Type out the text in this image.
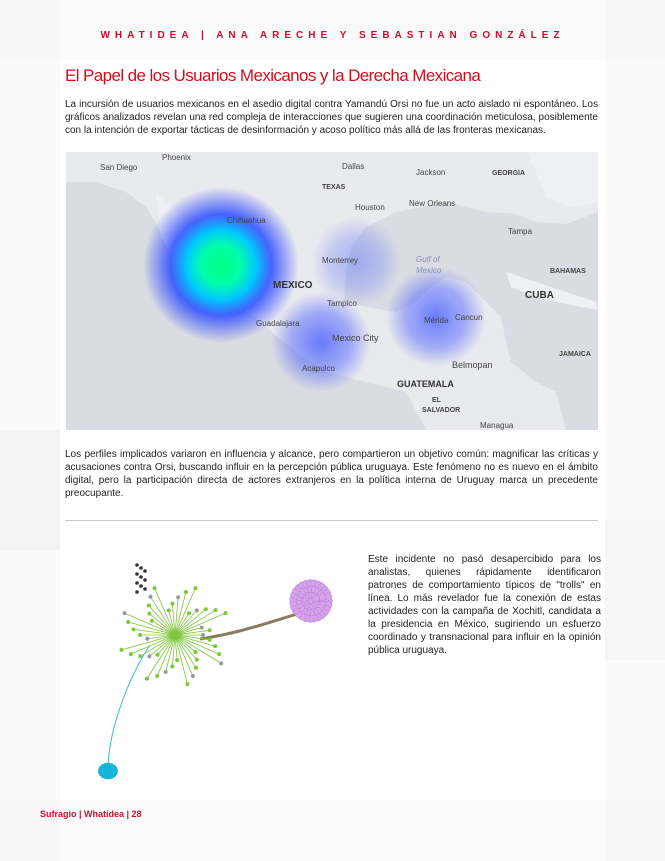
WHATIDEA | ANA ARECHE Y SEBASTIAN GONZÁLEZ
El Papel de los Usuarios Mexicanos y la Derecha Mexicana

La incursión de usuarios mexicanos en el asedio digital contra Yamandú Orsi no fue un acto aislado ni espontáneo. Los gráficos analizados revelan una red compleja de interacciones que sugieren una coordinación meticulosa, posiblemente con la intención de exportar tácticas de desinformación y acoso político más allá de las fronteras mexicanas.

Phoenix
San Diego	Dallas
Jackson	GEORGIA
TEXAS
Houston	New Orleans
Tampa
Chihuahua
Monterrey
MEXICO
Gulf of
Mexico	BAHAMAS
CUBA
Tampico
Guadalajara	Mérida Cancun
Mexico City
JAMAICA
Belmopan
Acapulco
GUATEMALA
EL
SALVADOR
Managua

Los perfiles implicados variaron en influencia y alcance, pero compartieron un objetivo común: magnificar las críticas y acusaciones contra Orsi, buscando influir en la percepción pública uruguaya. Este fenómeno no es nuevo en el ámbito digital, pero la participación directa de actores extranjeros en la política interna de Uruguay marca un precedente preocupante.

Este incidente no pasó desapercibido para los analistas, quienes rápidamente identificaron patrones de comportamiento típicos de "trolls" en línea. Lo más revelador fue la conexión de estas actividades con la campaña de Xochitl, candidata a la presidencia en México, sugiriendo un esfuerzo coordinado y transnacional para influir en la opinión pública uruguaya.

Sufragio | Whatidea | 28
